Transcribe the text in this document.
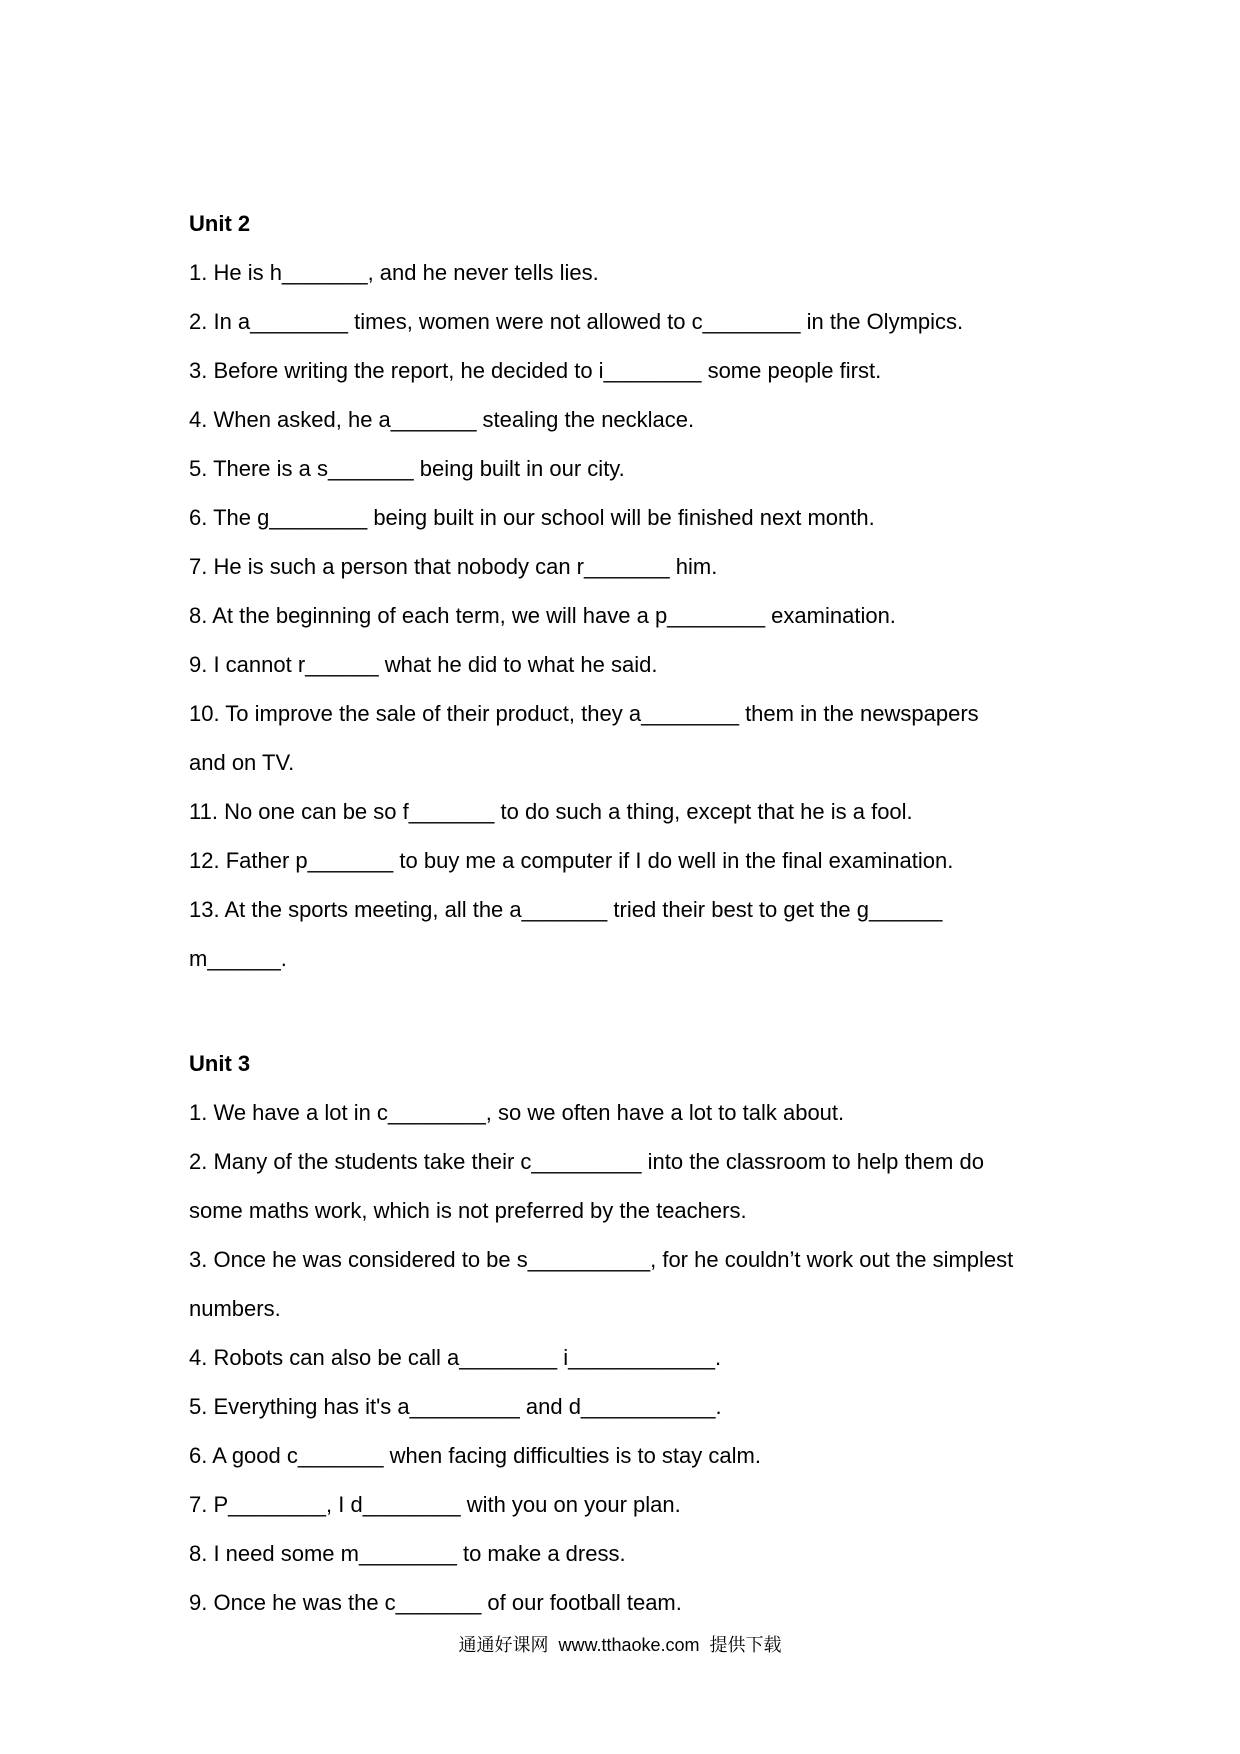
Unit 2
1. He is h_______, and he never tells lies.
2. In a________ times, women were not allowed to c________ in the Olympics.
3. Before writing the report, he decided to i________ some people first.
4. When asked, he a_______ stealing the necklace.
5. There is a s_______ being built in our city.
6. The g________ being built in our school will be finished next month.
7. He is such a person that nobody can r_______ him.
8. At the beginning of each term, we will have a p________ examination.
9. I cannot r______ what he did to what he said.
10. To improve the sale of their product, they a________ them in the newspapers
and on TV.
11. No one can be so f_______ to do such a thing, except that he is a fool.
12. Father p_______ to buy me a computer if I do well in the final examination.
13. At the sports meeting, all the a_______ tried their best to get the g______
m______.
Unit 3
1. We have a lot in c________, so we often have a lot to talk about.
2. Many of the students take their c_________ into the classroom to help them do
some maths work, which is not preferred by the teachers.
3. Once he was considered to be s__________, for he couldn’t work out the simplest
numbers.
4. Robots can also be call a________ i____________.
5. Everything has it's a_________ and d___________.
6. A good c_______ when facing difficulties is to stay calm.
7. P________, I d________ with you on your plan.
8. I need some m________ to make a dress.
9. Once he was the c_______ of our football team.
通通好课网  www.tthaoke.com  提供下载
